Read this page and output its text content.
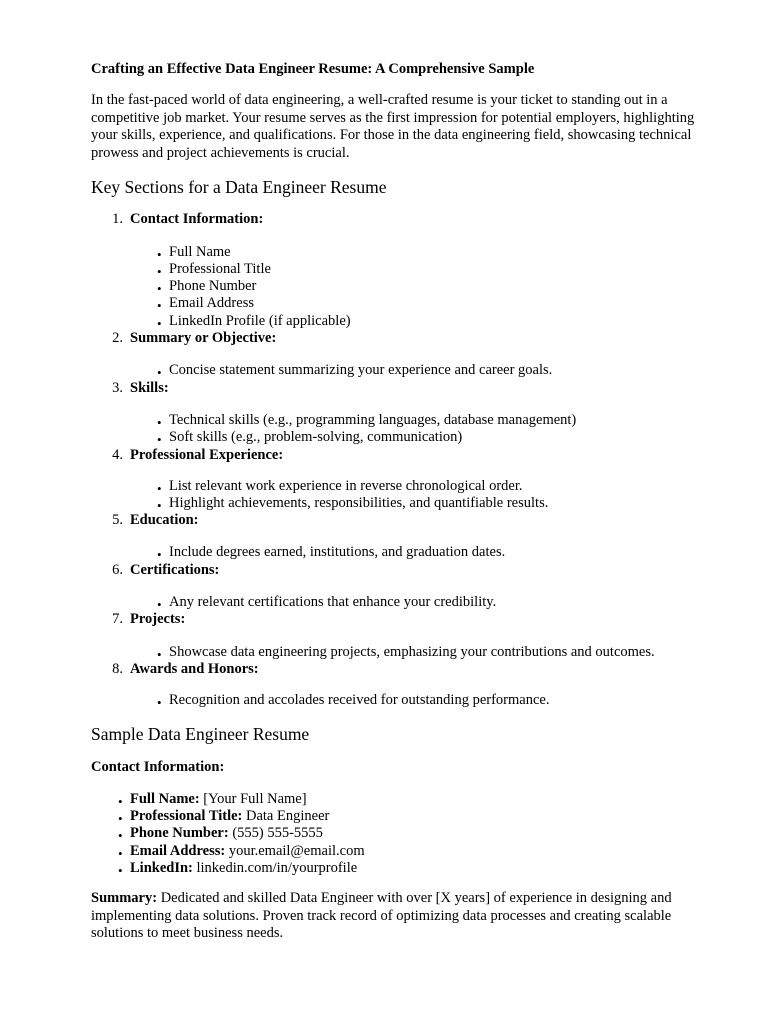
Crafting an Effective Data Engineer Resume: A Comprehensive Sample
In the fast-paced world of data engineering, a well-crafted resume is your ticket to standing out in a competitive job market. Your resume serves as the first impression for potential employers, highlighting your skills, experience, and qualifications. For those in the data engineering field, showcasing technical prowess and project achievements is crucial.
Key Sections for a Data Engineer Resume
1. Contact Information:
• Full Name
• Professional Title
• Phone Number
• Email Address
• LinkedIn Profile (if applicable)
2. Summary or Objective:
• Concise statement summarizing your experience and career goals.
3. Skills:
• Technical skills (e.g., programming languages, database management)
• Soft skills (e.g., problem-solving, communication)
4. Professional Experience:
• List relevant work experience in reverse chronological order.
• Highlight achievements, responsibilities, and quantifiable results.
5. Education:
• Include degrees earned, institutions, and graduation dates.
6. Certifications:
• Any relevant certifications that enhance your credibility.
7. Projects:
• Showcase data engineering projects, emphasizing your contributions and outcomes.
8. Awards and Honors:
• Recognition and accolades received for outstanding performance.
Sample Data Engineer Resume
Contact Information:
• Full Name: [Your Full Name]
• Professional Title: Data Engineer
• Phone Number: (555) 555-5555
• Email Address: your.email@email.com
• LinkedIn: linkedin.com/in/yourprofile
Summary: Dedicated and skilled Data Engineer with over [X years] of experience in designing and implementing data solutions. Proven track record of optimizing data processes and creating scalable solutions to meet business needs.
